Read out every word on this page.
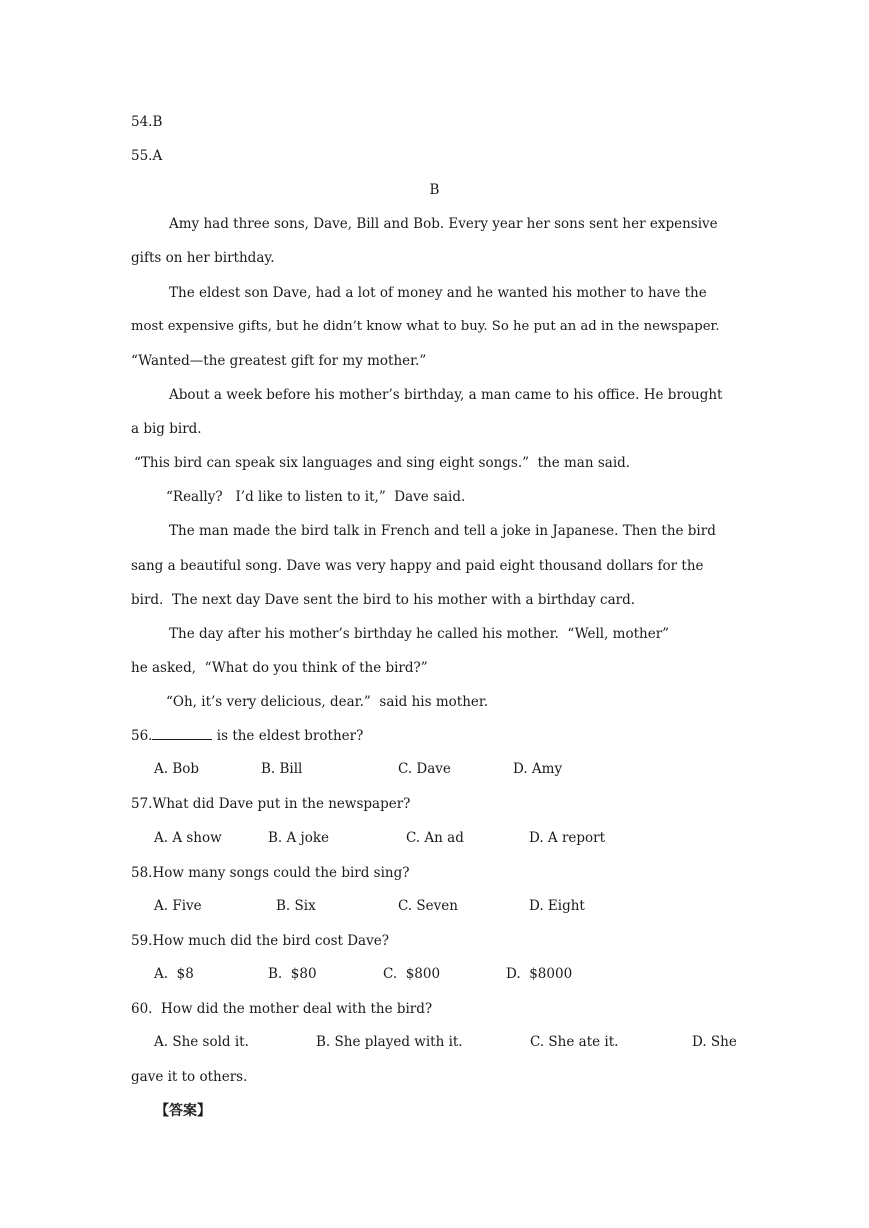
54.B
55.A
B
Amy had three sons, Dave, Bill and Bob. Every year her sons sent her expensive
gifts on her birthday.
The eldest son Dave, had a lot of money and he wanted his mother to have the
most expensive gifts, but he didn’t know what to buy. So he put an ad in the newspaper.
“Wanted—the greatest gift for my mother.”
About a week before his mother’s birthday, a man came to his office. He brought
a big bird.
“This bird can speak six languages and sing eight songs.”  the man said.
“Really?   I’d like to listen to it,”  Dave said.
The man made the bird talk in French and tell a joke in Japanese. Then the bird
sang a beautiful song. Dave was very happy and paid eight thousand dollars for the
bird.  The next day Dave sent the bird to his mother with a birthday card.
The day after his mother’s birthday he called his mother.  “Well, mother”
he asked,  “What do you think of the bird?”
“Oh, it’s very delicious, dear.”  said his mother.
56.	is the eldest brother?
A. Bob	B. Bill	C. Dave	D. Amy
57.What did Dave put in the newspaper?
A. A show	B. A joke	C. An ad	D. A report
58.How many songs could the bird sing?
A. Five	B. Six	C. Seven	D. Eight
59.How much did the bird cost Dave?
A.  $8	B.  $80	C.  $800	D.  $8000
60.  How did the mother deal with the bird?
A. She sold it.	B. She played with it.	C. She ate it.	D. She
gave it to others.
【答案】
